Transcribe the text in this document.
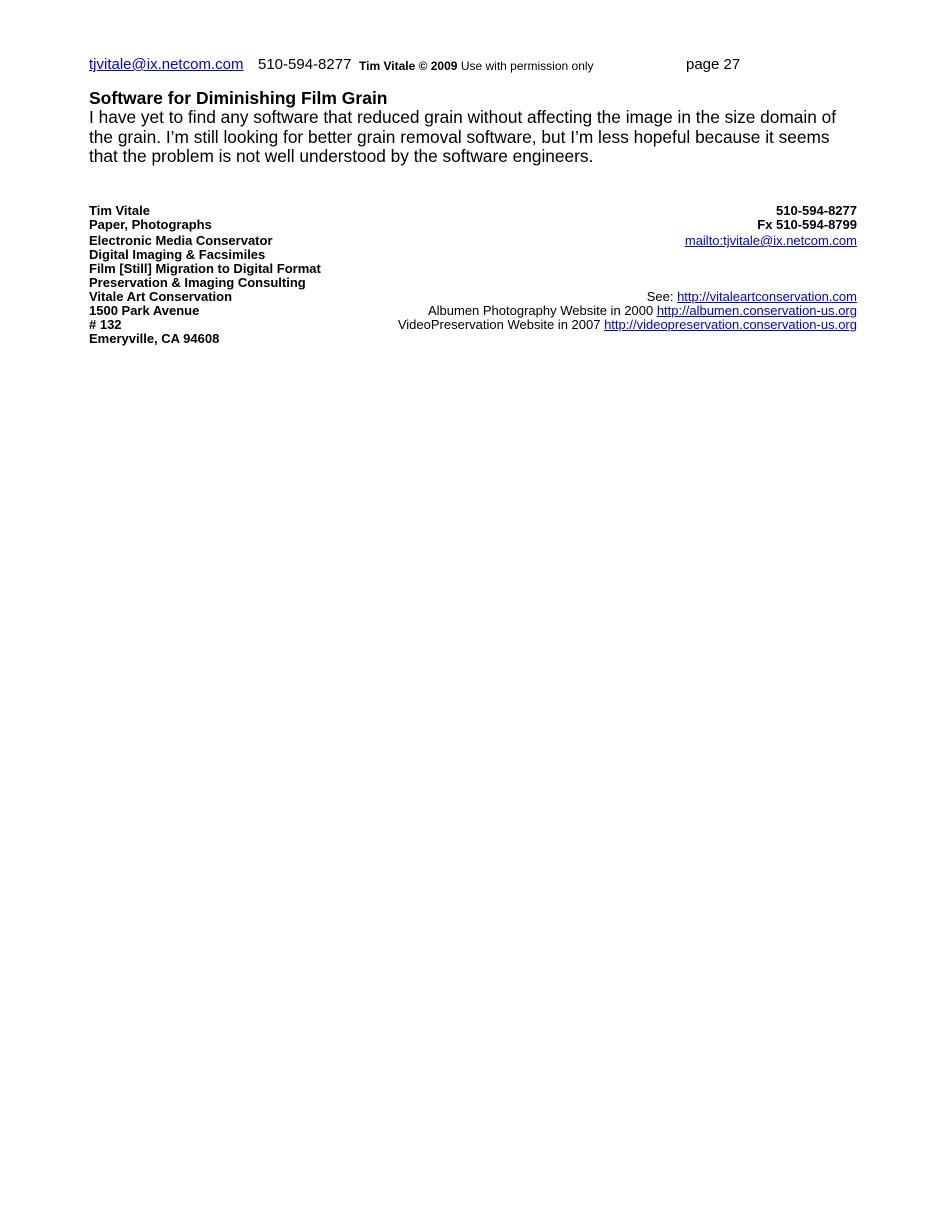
tjvitale@ix.netcom.com 510-594-8277 Tim Vitale © 2009 Use with permission only	page 27

Software for Diminishing Film Grain

I have yet to find any software that reduced grain without affecting the image in the size domain of the grain. I’m still looking for better grain removal software, but I’m less hopeful because it seems that the problem is not well understood by the software engineers.

Tim Vitale
Paper, Photographs
Electronic Media Conservator
Digital Imaging & Facsimiles
Film [Still] Migration to Digital Format
Preservation & Imaging Consulting
Vitale Art Conservation
1500 Park Avenue
# 132
Emeryville, CA 94608
510-594-8277
Fx 510-594-8799
mailto:tjvitale@ix.netcom.com
See: http://vitaleartconservation.com
Albumen Photography Website in 2000 http://albumen.conservation-us.org
VideoPreservation Website in 2007 http://videopreservation.conservation-us.org
